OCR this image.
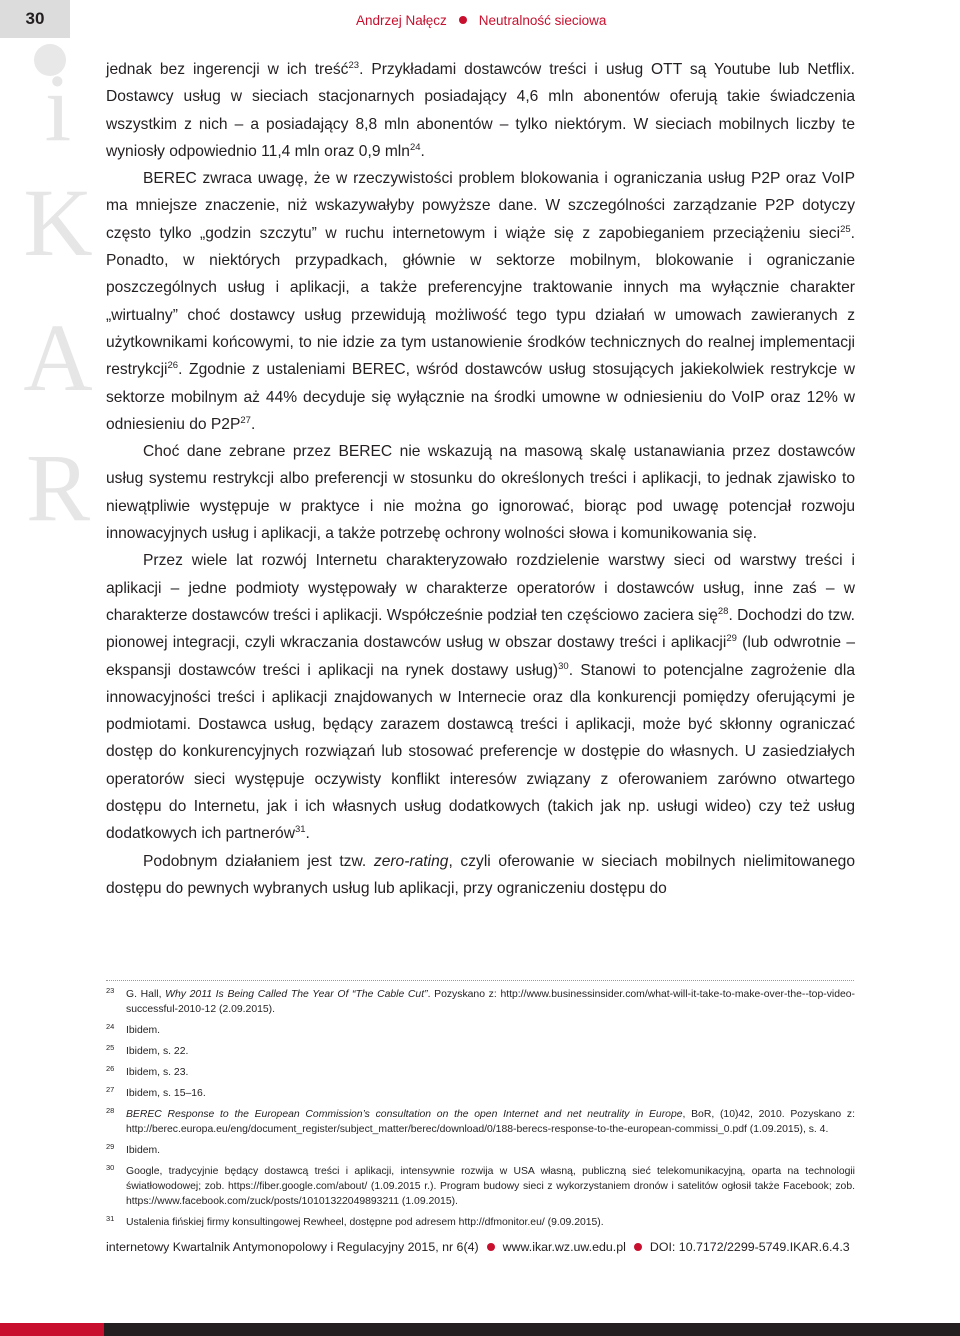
30	Andrzej Nałęcz Neutralność sieciowa
i
K
A
R

jednak bez ingerencji w ich treść$^{23}$. Przykładami dostawców treści i usług OTT są Youtube lub Netflix. Dostawcy usług w sieciach stacjonarnych posiadający 4,6 mln abonentów oferują takie świadczenia wszystkim z nich – a posiadający 8,8 mln abonentów – tylko niektórym. W sieciach mobilnych liczby te wyniosły odpowiednio 11,4 mln oraz 0,9 mln$^{24}$.

BEREC zwraca uwagę, że w rzeczywistości problem blokowania i ograniczania usług P2P oraz VoIP ma mniejsze znaczenie, niż wskazywałyby powyższe dane. W szczególności zarządzanie P2P dotyczy często tylko „godzin szczytu” w ruchu internetowym i wiąże się z zapobieganiem przeciążeniu sieci$^{25}$. Ponadto, w niektórych przypadkach, głównie w sektorze mobilnym, blokowanie i ograniczanie poszczególnych usług i aplikacji, a także preferencyjne traktowanie innych ma wyłącznie charakter „wirtualny” choć dostawcy usług przewidują możliwość tego typu działań w umowach zawieranych z użytkownikami końcowymi, to nie idzie za tym ustanowienie środków technicznych do realnej implementacji restrykcji$^{26}$. Zgodnie z ustaleniami BEREC, wśród dostawców usług stosujących jakiekolwiek restrykcje w sektorze mobilnym aż 44% decyduje się wyłącznie na środki umowne w odniesieniu do VoIP oraz 12% w odniesieniu do $P2P^{27}$.

Choć dane zebrane przez BEREC nie wskazują na masową skalę ustanawiania przez dostawców usług systemu restrykcji albo preferencji w stosunku do określonych treści i aplikacji, to jednak zjawisko to niewątpliwie występuje w praktyce i nie można go ignorować, biorąc pod uwagę potencjał rozwoju innowacyjnych usług i aplikacji, a także potrzebę ochrony wolności słowa i komunikowania się.

Przez wiele lat rozwój Internetu charakteryzowało rozdzielenie warstwy sieci od warstwy treści i aplikacji – jedne podmioty występowały w charakterze operatorów i dostawców usług, inne zaś – w charakterze dostawców treści i aplikacji. Współcześnie podział ten częściowo zaciera się$^{28}$. Dochodzi do tzw. pionowej integracji, czyli wkraczania dostawców usług w obszar dostawy treści i aplikacji$^{29}$ (lub odwrotnie – ekspansji dostawców treści i aplikacji na rynek dostawy usług)$^{30}$. Stanowi to potencjalne zagrożenie dla innowacyjności treści i aplikacji znajdowanych w Internecie oraz dla konkurencji pomiędzy oferującymi je podmiotami. Dostawca usług, będący zarazem dostawcą treści i aplikacji, może być skłonny ograniczać dostęp do konkurencyjnych rozwiązań lub stosować preferencje w dostępie do własnych. U zasiedziałych operatorów sieci występuje oczywisty konflikt interesów związany z oferowaniem zarówno otwartego dostępu do Internetu, jak i ich własnych usług dodatkowych (takich jak np. usługi wideo) czy też usług dodatkowych ich partnerów$^{31}$.

Podobnym działaniem jest tzw. zero-rating, czyli oferowanie w sieciach mobilnych nielimitowanego dostępu do pewnych wybranych usług lub aplikacji, przy ograniczeniu dostępu do

$^{23}$	G. Hall, Why 2011 Is Being Called The Year Of “The Cable Cut”. Pozyskano z: http://www.businessinsider.com/what-will-it-take-to-make-over-the--top-video-successful-2010-12 (2.09.2015).
$^{24}$	Ibidem.
$^{25}$	Ibidem, s. 22.
$^{26}$	Ibidem, s. 23.
$^{27}$	Ibidem, s. 15–16.
$^{28}$	BEREC Response to the European Commission’s consultation on the open Internet and net neutrality in Europe, BoR, (10)42, 2010. Pozyskano z: http://berec.europa.eu/eng/document_register/subject_matter/berec/download/0/188-berecs-response-to-the-european-commissi_0.pdf (1.09.2015), s. 4.
$^{29}$	Ibidem.
$^{30}$	Google, tradycyjnie będący dostawcą treści i aplikacji, intensywnie rozwija w USA własną, publiczną sieć telekomunikacyjną, oparta na technologii światłowodowej; zob. https://fiber.google.com/about/ (1.09.2015 r.). Program budowy sieci z wykorzystaniem dronów i satelitów ogłosił także Facebook; zob. https://www.facebook.com/zuck/posts/10101322049893211 (1.09.2015).
$^{31}$	Ustalenia fińskiej firmy konsultingowej Rewheel, dostępne pod adresem http://dfmonitor.eu/ (9.09.2015).
internetowy Kwartalnik Antymonopolowy i Regulacyjny 2015, nr 6(4) www.ikar.wz.uw.edu.pl DOI: 10.7172/2299-5749.IKAR.6.4.3
